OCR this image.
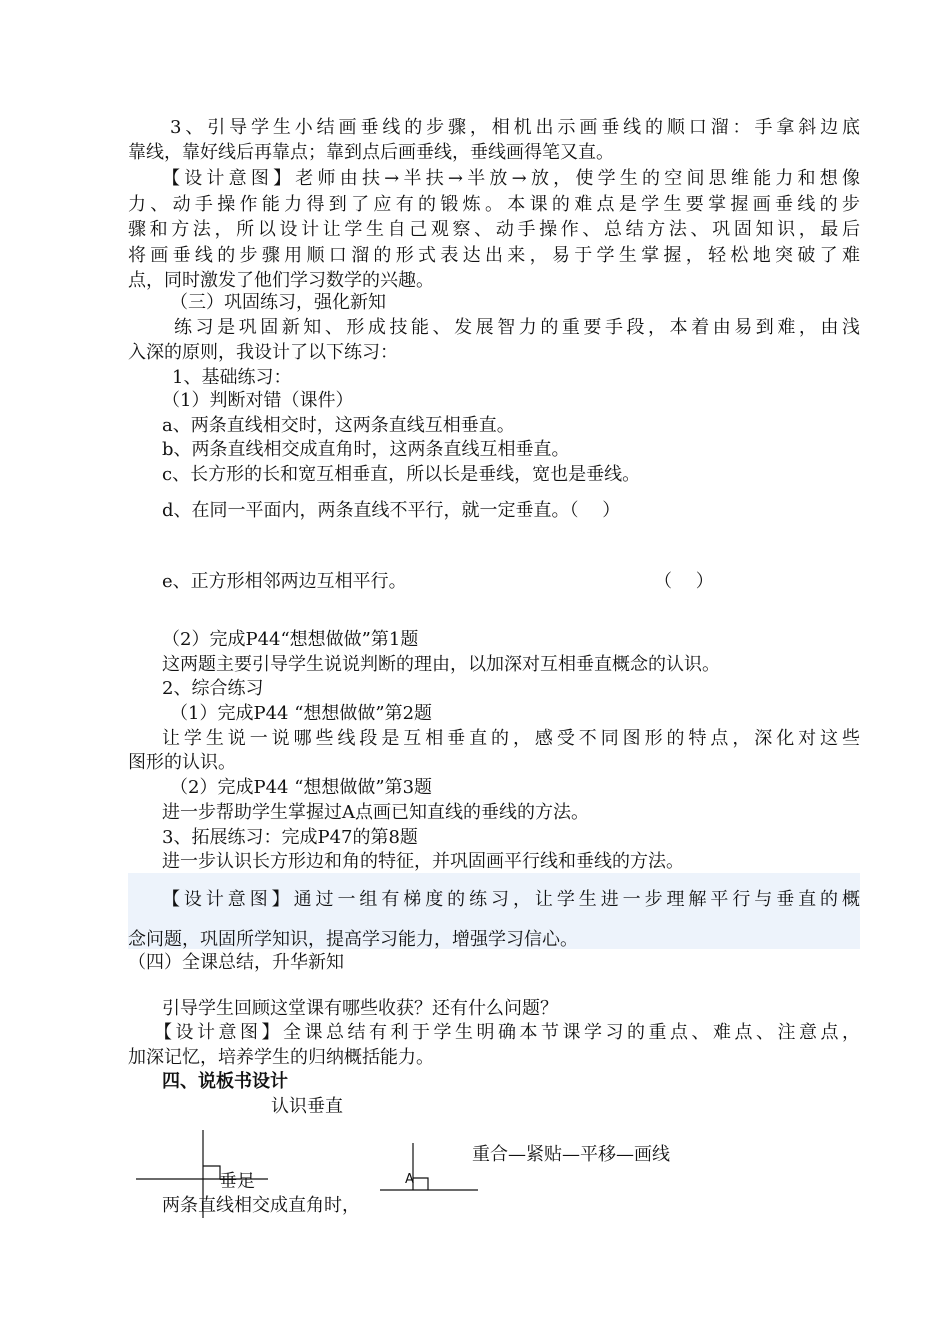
3、引导学生小结画垂线的步骤，相机出示画垂线的顺口溜：手拿斜边底
靠线，靠好线后再靠点；靠到点后画垂线，垂线画得笔又直。
【设计意图】老师由扶→半扶→半放→放，使学生的空间思维能力和想像
力、动手操作能力得到了应有的锻炼。本课的难点是学生要掌握画垂线的步
骤和方法，所以设计让学生自己观察、动手操作、总结方法、巩固知识，最后
将画垂线的步骤用顺口溜的形式表达出来，易于学生掌握，轻松地突破了难
点，同时激发了他们学习数学的兴趣。
（三）巩固练习，强化新知
练习是巩固新知、形成技能、发展智力的重要手段，本着由易到难，由浅
入深的原则，我设计了以下练习：
1、基础练习：
（1）判断对错（课件）
a、两条直线相交时，这两条直线互相垂直。
b、两条直线相交成直角时，这两条直线互相垂直。
c、长方形的长和宽互相垂直，所以长是垂线，宽也是垂线。
d、在同一平面内，两条直线不平行，就一定垂直。（　 ）
e、正方形相邻两边互相平行。	（　 ）
（2）完成P44“想想做做”第1题
这两题主要引导学生说说判断的理由，以加深对互相垂直概念的认识。
2、综合练习
（1）完成P44 “想想做做”第2题
让学生说一说哪些线段是互相垂直的，感受不同图形的特点，深化对这些
图形的认识。
（2）完成P44 “想想做做”第3题
进一步帮助学生掌握过A点画已知直线的垂线的方法。
3、拓展练习：完成P47的第8题
进一步认识长方形边和角的特征，并巩固画平行线和垂线的方法。
【设计意图】通过一组有梯度的练习，让学生进一步理解平行与垂直的概
念问题，巩固所学知识，提高学习能力，增强学习信心。
（四）全课总结，升华新知
引导学生回顾这堂课有哪些收获？还有什么问题？
【设计意图】全课总结有利于学生明确本节课学习的重点、难点、注意点，
加深记忆，培养学生的归纳概括能力。
四、说板书设计
认识垂直
重合—紧贴—平移—画线
垂足	A
两条直线相交成直角时，
